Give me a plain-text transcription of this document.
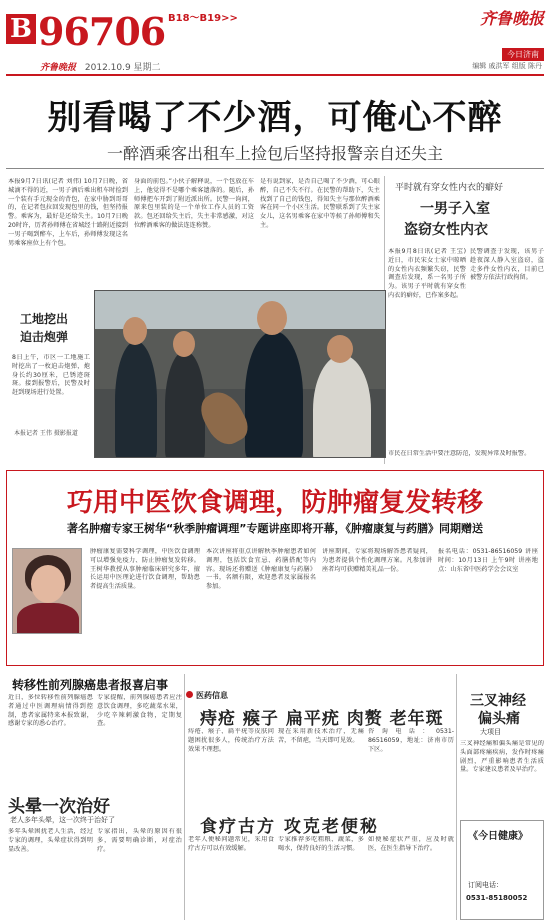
B 96706 B18～B19>>	齐鲁晚报
今日济南
齐鲁晚报 2012.10.9 星期二	编辑 戚洪军 组版 陈丹
别看喝了不少酒，可俺心不醉
一醉酒乘客出租车上捡包后坚持报警亲自还失主
本报9月7日讯(记者 刘伟) 10月7日晚，省城滴不得的近，一男子酒后乘出租车时捡到一个装有手元现金的背包，在家中胁到哥哥的，在记者包拉回发现包里的钱，但坚持报警。乘客为，最好是还给失主。10月7日晚20时许，历者孙师傅在省城经十路附近接到一男子喝到醉车，上车后，孙师傅发现这名男乘客座位上有个包。
身面的前包。”小伙子解释说，一个包放在车上，他觉得不是哪个乘客遗落的。随后，孙师傅把车开到了附近派出所。民警一询问，原来包里装的是一个单位工作人员的工资款。包还回给失主后，失主非常感激，对这位醉酒乘客的做法连连称赞。
是有说到家，是否自己喝了不少酒，可心眼醉，自己不失不行。在民警的帮助下，失主找到了自己的钱包，得知失主与那位醉酒乘客在同一个小区生活。民警联系到了失主家女儿，这名男乘客在家中等候了孙师傅和失主。
平时就有穿女性内衣的癖好
一男子入室
盗窃女性内衣
本报9月8日讯(记者 王宝) 近日，市民宋女士家中晾晒的女性内衣频繁失窃，民警调查后发现，系一名男子所为。该男子平时就有穿女性内衣的癖好，已作案多起。
民警调查于发现，该男子趁夜深人静入室盗窃，盗走多件女性内衣，目前已被警方依法行政拘留。
市民在日常生活中要注意防范，发现异常及时报警。
工地挖出
迫击炮弹
8日上午，市区一工地施工时挖出了一枚迫击炮弹，炮身长约30厘米，已锈迹斑斑。接到报警后，民警及时赶到现场进行处置。
本报记者 王伟 摄影报道
巧用中医饮食调理，防肿瘤复发转移
著名肿瘤专家王树华“秋季肿瘤调理”专题讲座即将开幕，《肿瘤康复与药膳》同期赠送
肿瘤康复需要科学调理，中医饮食调理可以增强免疫力、防止肿瘤复发转移。王树华教授从事肿瘤临床研究多年，擅长运用中医理论进行饮食调理，帮助患者提高生活质量。
本次讲座将重点讲解秋季肿瘤患者如何调理，包括饮食宜忌、药膳搭配等内容。现场还将赠送《肿瘤康复与药膳》一书，名额有限，欢迎患者及家属报名参加。
讲座期间，专家将现场解答患者疑问，为患者提供个性化调理方案。凡参加讲座者均可获赠精美礼品一份。
报名电话：0531-86516059 讲座时间：10月13日 上午9时 讲座地点：山东省中医药学会会议室
转移性前列腺癌患者报喜启事
近日，多位转移性前列腺癌患者通过中医调理病情得到控制，患者家属特来本报致谢，感谢专家的悉心治疗。
专家提醒，前列腺癌患者应注意饮食调理，多吃蔬菜水果，少吃辛辣刺激食物，定期复查。
头晕一次治好
老人多年头晕，这一次终于治好了
多年头晕困扰老人生活，经过专家的调理，头晕症状得到明显改善。
专家指出，头晕的原因有很多，需要明确诊断，对症治疗。
医药信息
痔疮 瘊子 扁平疣 肉赘 老年斑
痔疮、瘊子、扁平疣等皮肤问题困扰很多人，传统治疗方法效果不理想。
现在采用新技术治疗，无痛苦，不留疤，当天即可见效。
咨询电话：0531-86516059，地址：济南市历下区。
食疗古方 攻克老便秘
老年人便秘问题常见，采用食疗古方可以有效缓解。
专家推荐多吃粗粮、蔬菜，多喝水，保持良好的生活习惯。
如便秘症状严重，应及时就医，在医生指导下治疗。
三叉神经
偏头痛
大项目
三叉神经痛和偏头痛是常见的头面部疼痛疾病，发作时疼痛剧烈，严重影响患者生活质量。专家建议患者及早治疗。
《今日健康》
订阅电话：
0531-85180052
